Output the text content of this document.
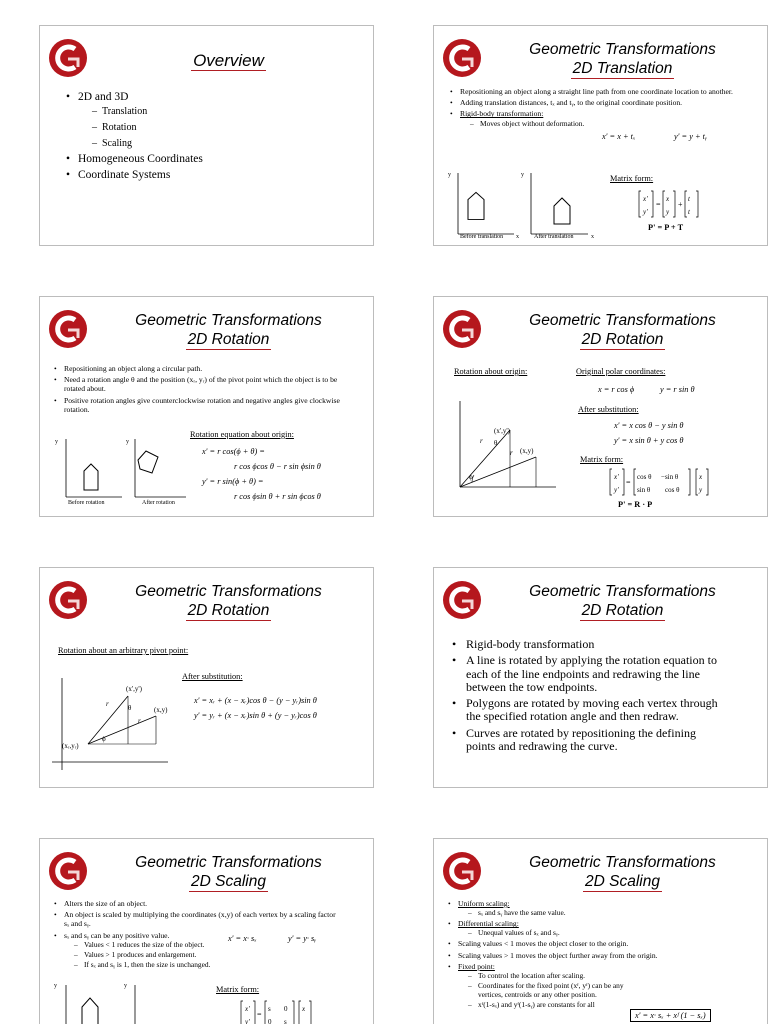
Overview
• 2D and 3D
– Translation
– Rotation
– Scaling
• Homogeneous Coordinates
• Coordinate Systems
Geometric Transformations
2D Translation
• Repositioning an object along a straight line path from one coordinate location to another.
• Adding translation distances, tₓ and tᵧ, to the original coordinate position.
• Rigid-body transformation:
– Moves object without deformation.
x' = x + tₓ	y' = y + tᵧ
y
x
y
x
Before translation	After translation
Matrix form:
x'
y'
=
x
y
+
t
t
P' = P + T
Geometric Transformations
2D Rotation
• Repositioning an object along a circular path.
• Need a rotation angle θ and the position (xᵣ, yᵣ) of the pivot point which the object is to be rotated about.
• Positive rotation angles give counterclockwise rotation and negative angles give clockwise rotation.
Rotation equation about origin:
x' = r cos(ϕ + θ) =
r cos ϕcos θ − r sin ϕsin θ
y' = r sin(ϕ + θ) =
r cos ϕsin θ + r sin ϕcos θ
y	y
Before rotation	After rotation
Geometric Transformations
2D Rotation
Rotation about origin:	Original polar coordinates:
x = r cos ϕ	y = r sin θ
After substitution:
x' = x cos θ − y sin θ
y' = x sin θ + y cos θ
Matrix form:
x'
y'
=
cos θ −sin θ
sin θ cos θ
x
y
P' = R · P
ϕ
θ
r
r
(x',y')
(x,y)
Geometric Transformations
2D Rotation
Rotation about an arbitrary pivot point:
After substitution:
x' = xᵣ + (x − xᵣ)cos θ − (y − yᵣ)sin θ
y' = yᵣ + (x − xᵣ)sin θ + (y − yᵣ)cos θ
ϕ
θ
r
r
(x',y')
(x,y)
(xᵣ,yᵣ)
Geometric Transformations
2D Rotation
• Rigid-body transformation
• A line is rotated by applying the rotation equation to each of the line endpoints and redrawing the line between the tow endpoints.
• Polygons are rotated by moving each vertex through the specified rotation angle and then redraw.
• Curves are rotated by repositioning the defining points and redrawing the curve.
Geometric Transformations
2D Scaling
• Alters the size of an object.
• An object is scaled by multiplying the coordinates (x,y) of each vertex by a scaling factor sₓ and sᵧ.
• sₓ and sᵧ can be any positive value.
– Values < 1 reduces the size of the object.
– Values > 1 produces and enlargement.
– If sₓ and sᵧ is 1, then the size is unchanged.
x' = x· sₓ	y' = y· sᵧ
Matrix form:
x'
y'
=
s 0
0 s
x
y	y
Geometric Transformations
2D Scaling
• Uniform scaling:
– sₓ and sᵧ have the same value.
• Differential scaling:
– Unequal values of sₓ and sᵧ.
• Scaling values < 1 moves the object closer to the origin.
• Scaling values > 1 moves the object further away from the origin.
• Fixed point:
– To control the location after scaling.
– Coordinates for the fixed point (xᶠ, yᶠ) can be any vertices, centroids or any other position.
– xᶠ(1-sₓ) and yᶠ(1-sᵧ) are constants for all
x' = x· sₓ + xᶠ (1 − sₓ)
